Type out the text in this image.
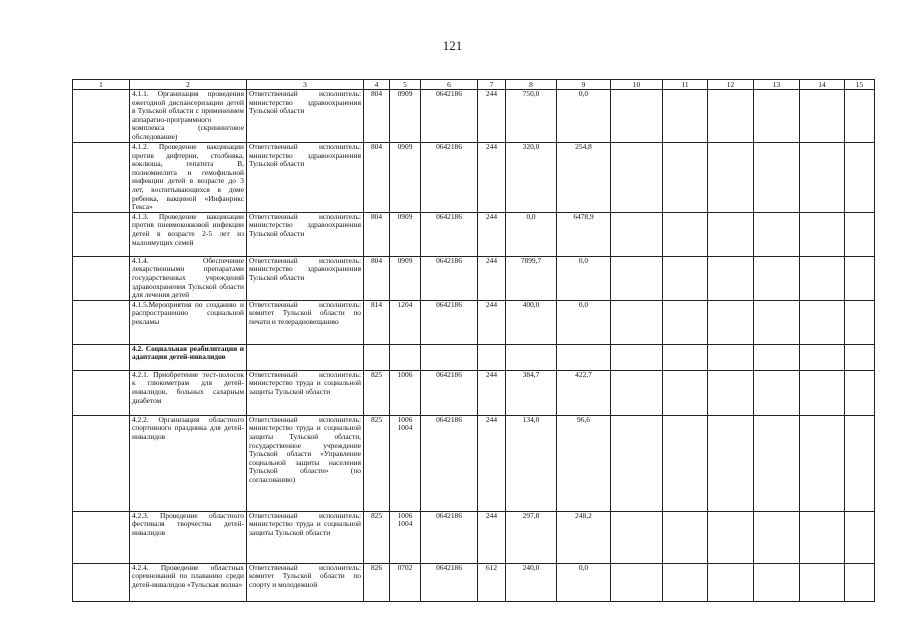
121
1	2	3	4	5	6	7	8	9	10	11	12	13	14	15
	4.1.1. Организация проведения ежегодной диспансеризации детей в Тульской области с применением аппаратно-программного комплекса (скрининговое обследование)	Ответственный исполнитель: министерство здравоохранения Тульской области	804	0909	0642186	244	750,0	0,0						
	4.1.2. Проведение вакцинации против дифтерии, столбняка, коклюша, гепатита В, полиомиелита и гемофильной инфекции детей в возрасте до 3 лет, воспитывающихся в доме ребенка, вакциной «Инфанрикс Гекса»	Ответственный исполнитель: министерство здравоохранения Тульской области	804	0909	0642186	244	320,0	254,8						
	4.1.3. Проведение вакцинации против пневмококковой инфекции детей в возрасте 2-5 лет из малоимущих семей	Ответственный исполнитель: министерство здравоохранения Тульской области	804	0909	0642186	244	0,0	6478,9						
	4.1.4. Обеспечение лекарственными препаратами государственных учреждений здравоохранения Тульской области для лечения детей	Ответственный исполнитель: министерство здравоохранения Тульской области	804	0909	0642186	244	7899,7	0,0						
	4.1.5.Мероприятия по созданию и распространению социальной рекламы	Ответственный исполнитель: комитет Тульской области по печати и телерадиовещанию	814	1204	0642186	244	400,0	0,0						
	4.2. Социальная реабилитация и адаптация детей-инвалидов													
	4.2.1. Приобретение тест-полосок к глюкометрам для детей-инвалидов, больных сахарным диабетом	Ответственный исполнитель: министерство труда и социальной защиты Тульской области	825	1006	0642186	244	384,7	422,7						
	4.2.2. Организация областного спортивного праздника для детей-инвалидов	Ответственный исполнитель: министерство труда и социальной защиты Тульской области, государственное учреждение Тульской области «Управление социальной защиты населения Тульской области» (по согласованию)	825	1006 1004	0642186	244	134,0	96,6						
	4.2.3. Проведение областного фестиваля творчества детей-инвалидов	Ответственный исполнитель: министерство труда и социальной защиты Тульской области	825	1006 1004	0642186	244	297,8	248,2						
	4.2.4. Проведение областных соревнований по плаванию среди детей-инвалидов «Тульская волна»	Ответственный исполнитель: комитет Тульской области по спорту и молодежной	826	0702	0642186	612	240,0	0,0						
